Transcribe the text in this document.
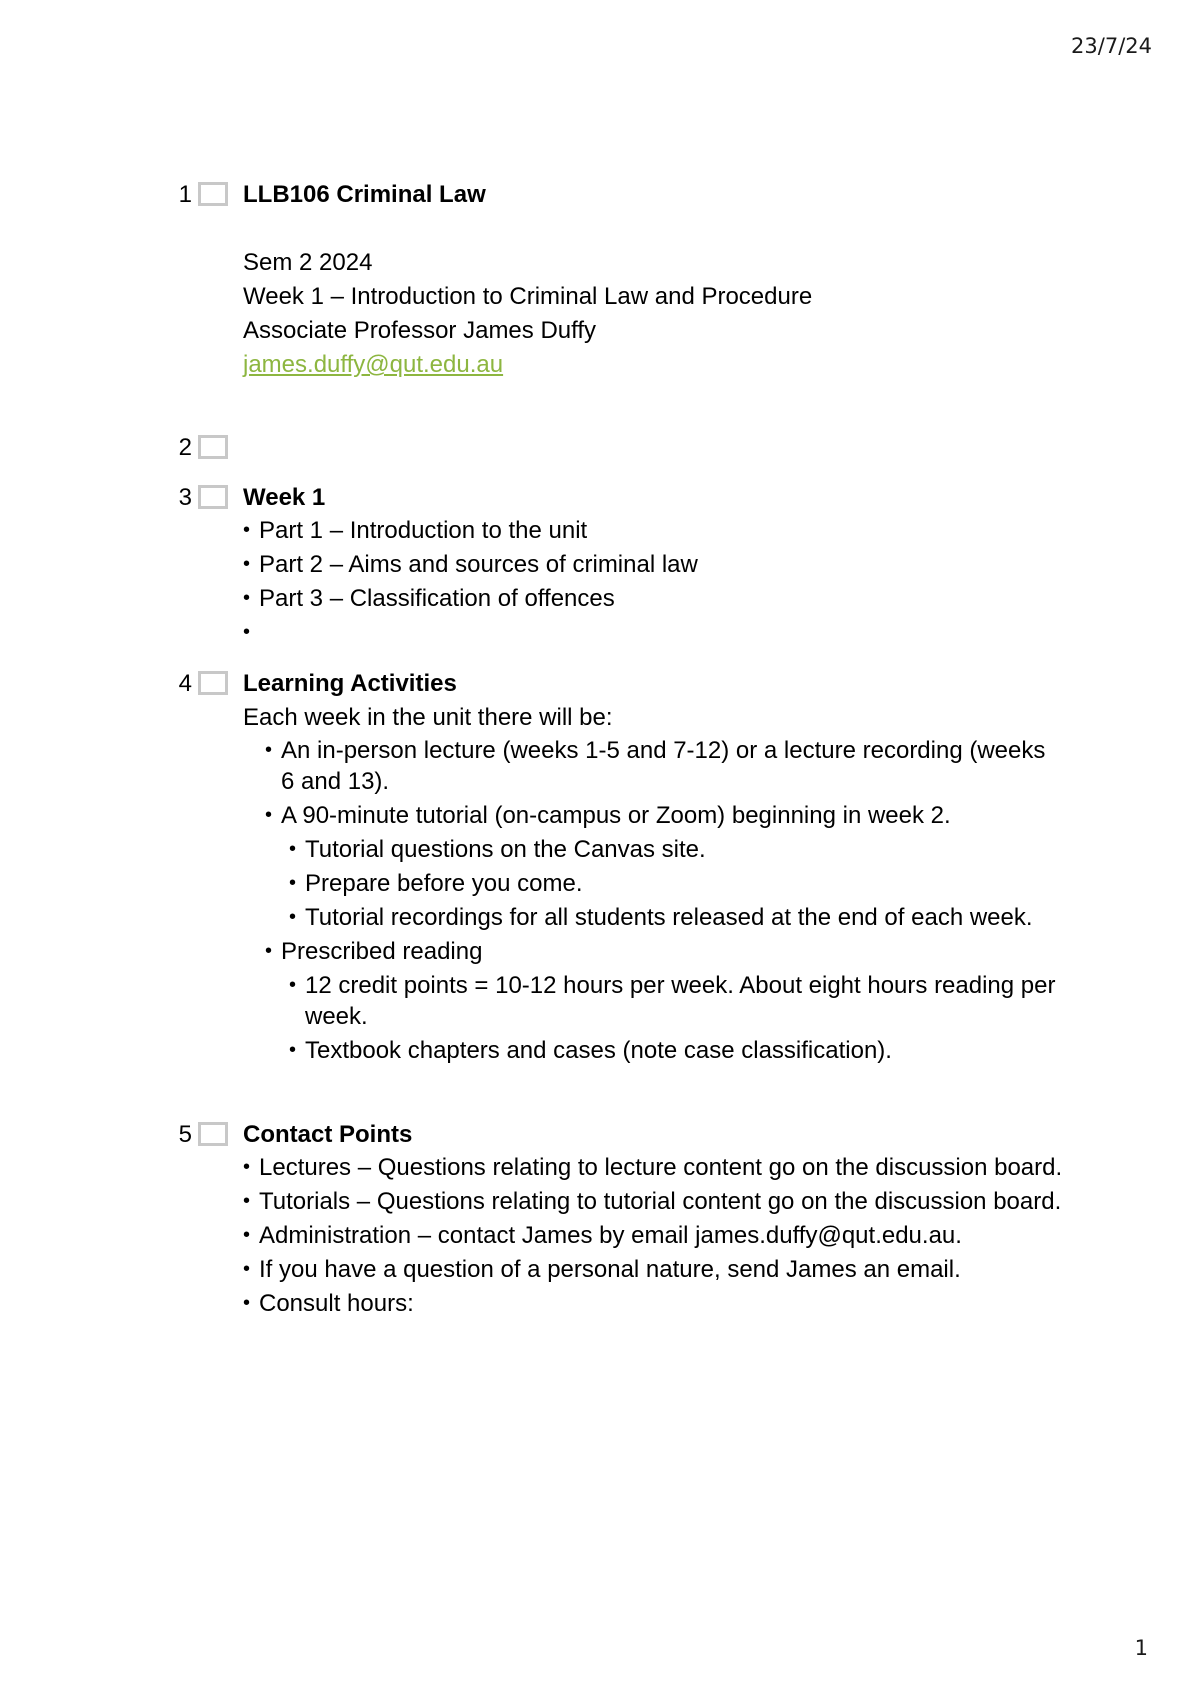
23/7/24
1 LLB106 Criminal Law

Sem 2 2024

Week 1 – Introduction to Criminal Law and Procedure

Associate Professor James Duffy

james.duffy@qut.edu.au

2
3 Week 1

• Part 1 – Introduction to the unit
• Part 2 – Aims and sources of criminal law
• Part 3 – Classification of offences
4 Learning Activities

Each week in the unit there will be:

• An in-person lecture (weeks 1-5 and 7-12) or a lecture recording (weeks 6 and 13).
• A 90-minute tutorial (on-campus or Zoom) beginning in week 2.
• Tutorial questions on the Canvas site.
• Prepare before you come.
• Tutorial recordings for all students released at the end of each week.
• Prescribed reading
• 12 credit points = 10-12 hours per week. About eight hours reading per week.
• Textbook chapters and cases (note case classification).
5 Contact Points

• Lectures – Questions relating to lecture content go on the discussion board.
• Tutorials – Questions relating to tutorial content go on the discussion board.
• Administration – contact James by email james.duffy@qut.edu.au.
• If you have a question of a personal nature, send James an email.
• Consult hours:
1
